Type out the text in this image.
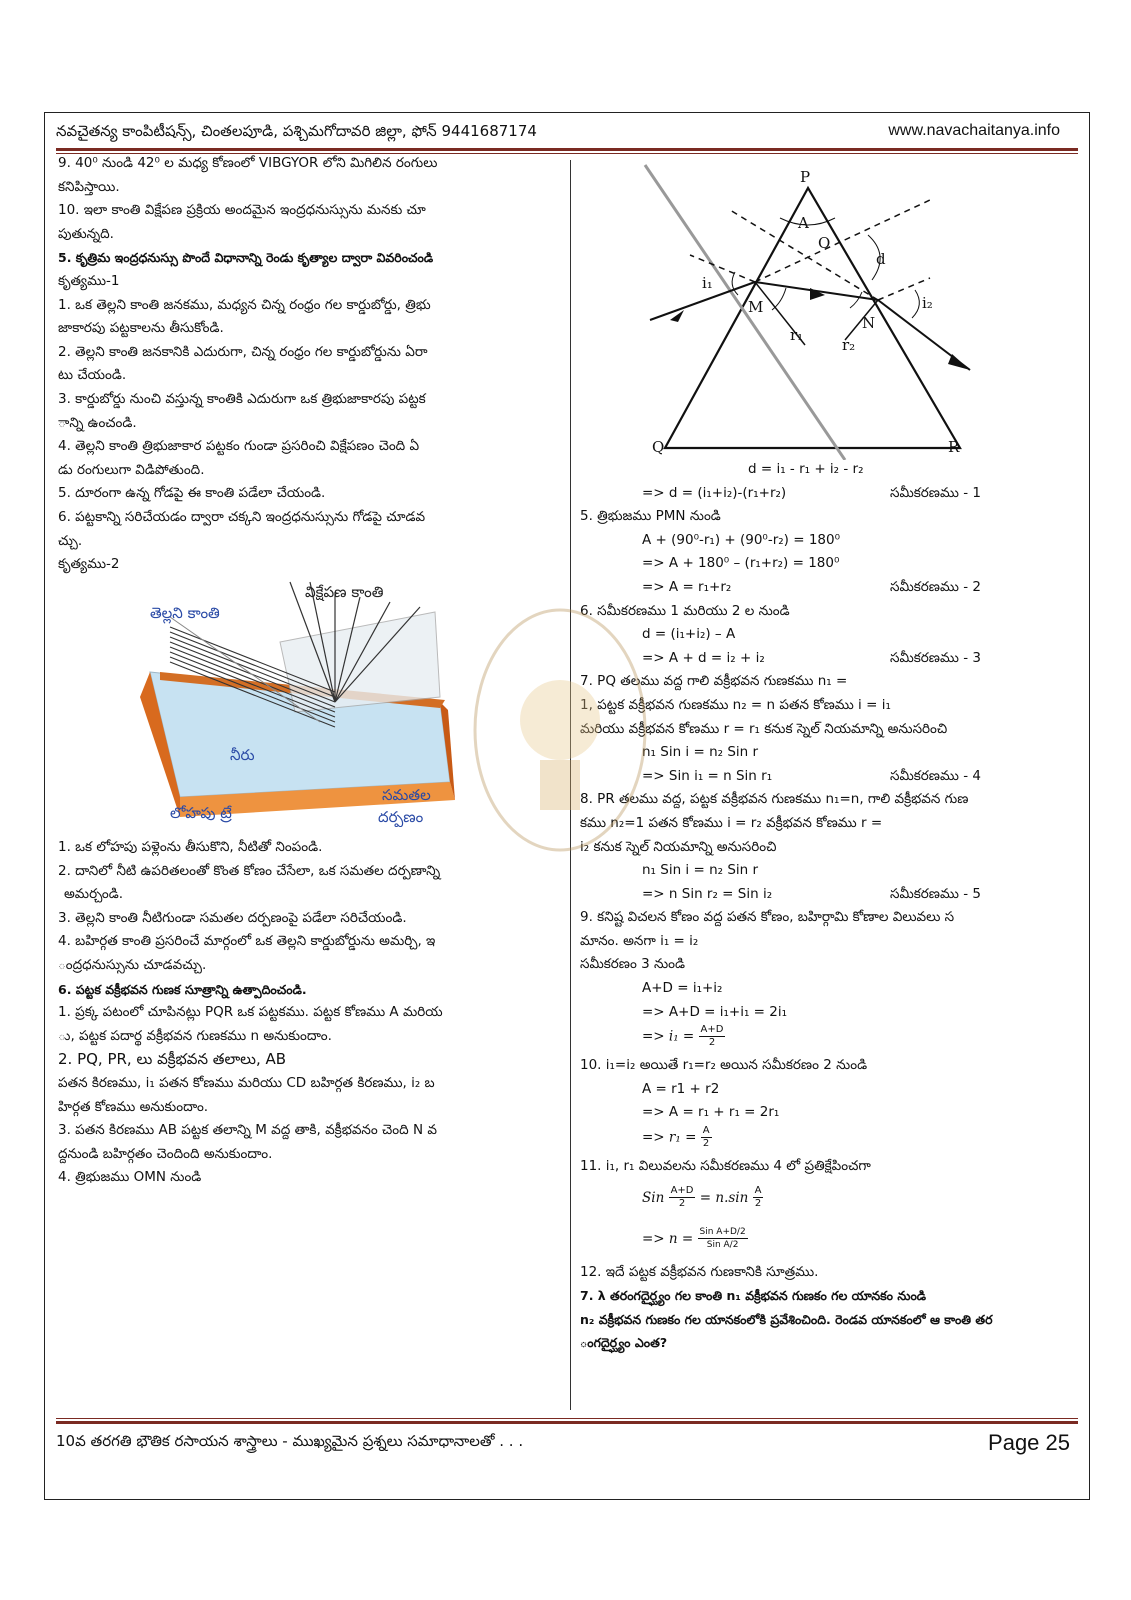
నవచైతన్య కాంపిటీషన్స్, చింతలపూడి, పశ్చిమగోదావరి జిల్లా, ఫోన్ 9441687174	www.navachaitanya.info

9. 40⁰ నుండి 42⁰ ల మధ్య కోణంలో VIBGYOR లోని మిగిలిన రంగులు

కనిపిస్తాయి.

10. ఇలా కాంతి విక్షేపణ ప్రక్రియ అందమైన ఇంద్రధనుస్సును మనకు చూ

పుతున్నది.

5. కృత్రిమ ఇంద్రధనుస్సు పొందే విధానాన్ని రెండు కృత్యాల ద్వారా వివరించండి

కృత్యము-1

1. ఒక తెల్లని కాంతి జనకము, మధ్యన చిన్న రంధ్రం గల కార్డుబోర్డు, త్రిభు

జాకారపు పట్టకాలను తీసుకోండి.

2. తెల్లని కాంతి జనకానికి ఎదురుగా, చిన్న రంధ్రం గల కార్డుబోర్డును ఏరా

టు చేయండి.

3. కార్డుబోర్డు నుంచి వస్తున్న కాంతికి ఎదురుగా ఒక త్రిభుజాకారపు పట్టక

ాన్ని ఉంచండి.

4. తెల్లని కాంతి త్రిభుజాకార పట్టకం గుండా ప్రసరించి విక్షేపణం చెంది ఏ

డు రంగులుగా విడిపోతుంది.

5. దూరంగా ఉన్న గోడపై ఈ కాంతి పడేలా చేయండి.

6. పట్టకాన్ని సరిచేయడం ద్వారా చక్కని ఇంద్రధనుస్సును గోడపై చూడవ

చ్చు.

కృత్యము-2

తెల్లని కాంతి
విక్షేపణ కాంతి
నీరు
లోహపు ట్రే
సమతల
దర్పణం

1. ఒక లోహపు పళ్లెంను తీసుకొని, నీటితో నింపండి.

2. దానిలో నీటి ఉపరితలంతో కొంత కోణం చేసేలా, ఒక సమతల దర్పణాన్ని

అమర్చండి.

3. తెల్లని కాంతి నీటిగుండా సమతల దర్పణంపై పడేలా సరిచేయండి.

4. బహిర్గత కాంతి ప్రసరించే మార్గంలో ఒక తెల్లని కార్డుబోర్డును అమర్చి, ఇ

ంద్రధనుస్సును చూడవచ్చు.

6. పట్టక వక్రీభవన గుణక సూత్రాన్ని ఉత్పాదించండి.

1. ప్రక్క పటంలో చూపినట్లు PQR ఒక పట్టకము. పట్టక కోణము A మరియ

ు, పట్టక పదార్థ వక్రీభవన గుణకము n అనుకుందాం.

2. PQ, PR, లు వక్రీభవన తలాలు, AB

పతన కిరణము, i₁ పతన కోణము మరియు CD బహిర్గత కిరణము, i₂ బ

హిర్గత కోణము అనుకుందాం.

3. పతన కిరణము AB పట్టక తలాన్ని M వద్ద తాకి, వక్రీభవనం చెంది N వ

ద్దనుండి బహిర్గతం చెందింది అనుకుందాం.

4. త్రిభుజము OMN నుండి

P
Q	R
A
O
d
M
N
i₁
i₂
r₁
r₂

d = i₁ - r₁ + i₂ - r₂

=> d = (i₁+i₂)-(r₁+r₂)	సమీకరణము - 1

5. త్రిభుజము PMN నుండి

A + (90⁰-r₁) + (90⁰-r₂) = 180⁰

=> A + 180⁰ – (r₁+r₂) = 180⁰

=> A = r₁+r₂	సమీకరణము - 2

6. సమీకరణము 1 మరియు 2 ల నుండి

d = (i₁+i₂) – A

=> A + d = i₂ + i₂	సమీకరణము - 3

7. PQ తలము వద్ద గాలి వక్రీభవన గుణకము n₁ =

1, పట్టక వక్రీభవన గుణకము n₂ = n పతన కోణము i = i₁

మరియు వక్రీభవన కోణము r = r₁ కనుక స్నెల్ నియమాన్ని అనుసరించి

n₁ Sin i = n₂ Sin r

=> Sin i₁ = n Sin r₁	సమీకరణము - 4

8. PR తలము వద్ద, పట్టక వక్రీభవన గుణకము n₁=n, గాలి వక్రీభవన గుణ

కము n₂=1 పతన కోణము i = r₂ వక్రీభవన కోణము r =

i₂ కనుక స్నెల్ నియమాన్ని అనుసరించి

n₁ Sin i = n₂ Sin r

=> n Sin r₂ = Sin i₂	సమీకరణము - 5

9. కనిష్ట విచలన కోణం వద్ద పతన కోణం, బహిర్గామి కోణాల విలువలు స

మానం. అనగా i₁ = i₂

సమీకరణం 3 నుండి

A+D = i₁+i₂

=> A+D = i₁+i₁ = 2i₁

=> $i_1 = \frac{A+D}{2}$

10. i₁=i₂ అయితే r₁=r₂ అయిన సమీకరణం 2 నుండి

A = r1 + r2

=> A = r₁ + r₁ = 2r₁

=> $r_1 = \frac{A}{2}$

11. i₁, r₁ విలువలను సమీకరణము 4 లో ప్రతిక్షేపించగా

Sin $\frac{A+D}{2} = n.\sin \frac{A}{2}$

=> $n = \frac{\text{Sin A+D/2}}{\text{Sin A/2}}$

12. ఇదే పట్టక వక్రీభవన గుణకానికి సూత్రము.

7. λ తరంగదైర్ఘ్యం గల కాంతి n₁ వక్రీభవన గుణకం గల యానకం నుండి

n₂ వక్రీభవన గుణకం గల యానకంలోకి ప్రవేశించింది. రెండవ యానకంలో ఆ కాంతి తర

ంగదైర్ఘ్యం ఎంత?

10వ తరగతి భౌతిక రసాయన శాస్త్రాలు - ముఖ్యమైన ప్రశ్నలు సమాధానాలతో . . .	Page 25
